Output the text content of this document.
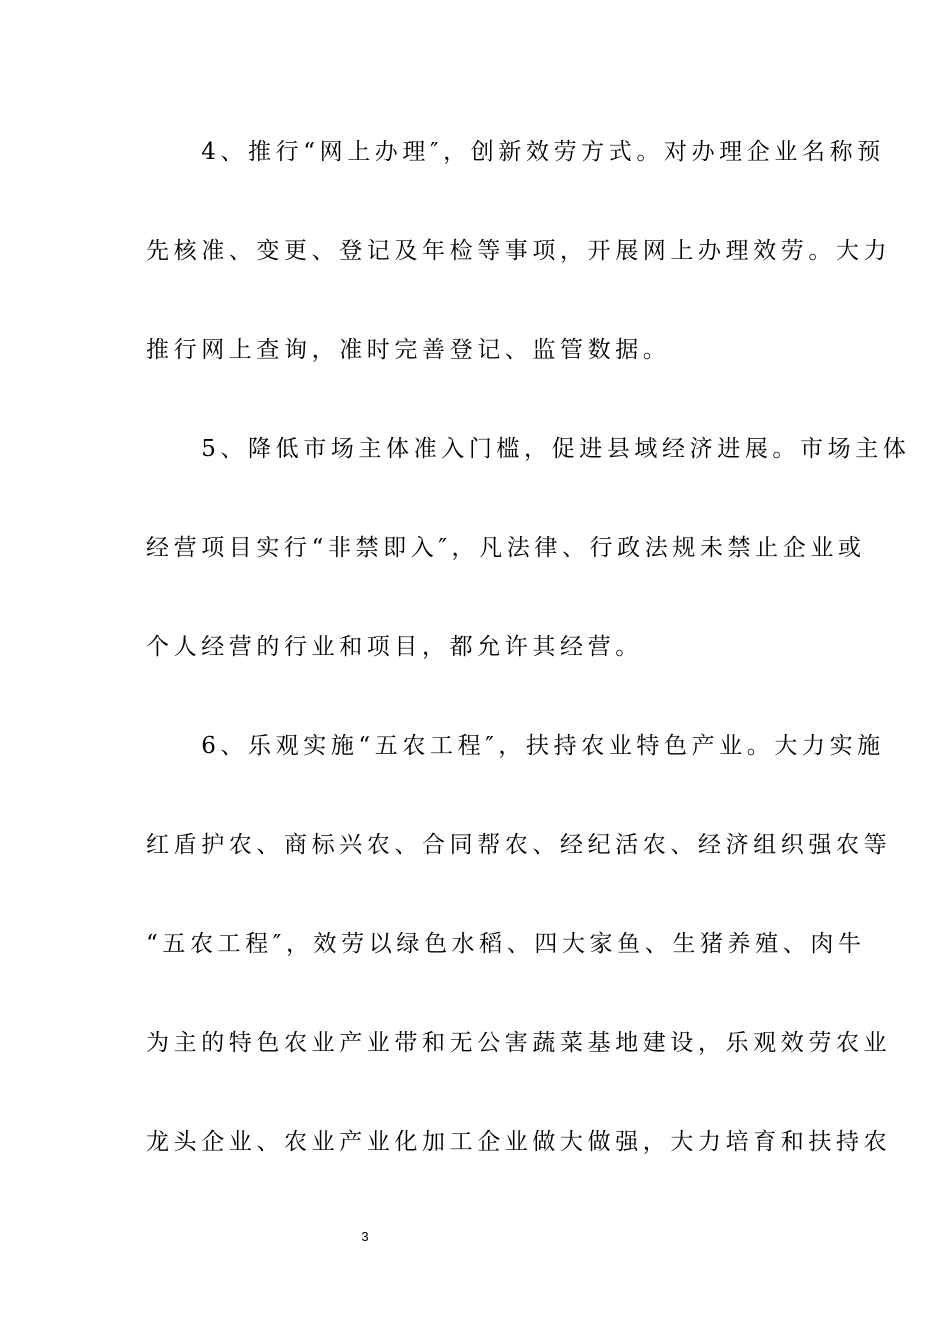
　　4、推行“网上办理″，创新效劳方式。对办理企业名称预
先核准、变更、登记及年检等事项，开展网上办理效劳。大力
推行网上查询，准时完善登记、监管数据。
　　5、降低市场主体准入门槛，促进县域经济进展。市场主体
经营项目实行“非禁即入″，凡法律、行政法规未禁止企业或
个人经营的行业和项目，都允许其经营。
　　6、乐观实施“五农工程″，扶持农业特色产业。大力实施
红盾护农、商标兴农、合同帮农、经纪活农、经济组织强农等
“五农工程″，效劳以绿色水稻、四大家鱼、生猪养殖、肉牛
为主的特色农业产业带和无公害蔬菜基地建设，乐观效劳农业
龙头企业、农业产业化加工企业做大做强，大力培育和扶持农
3
